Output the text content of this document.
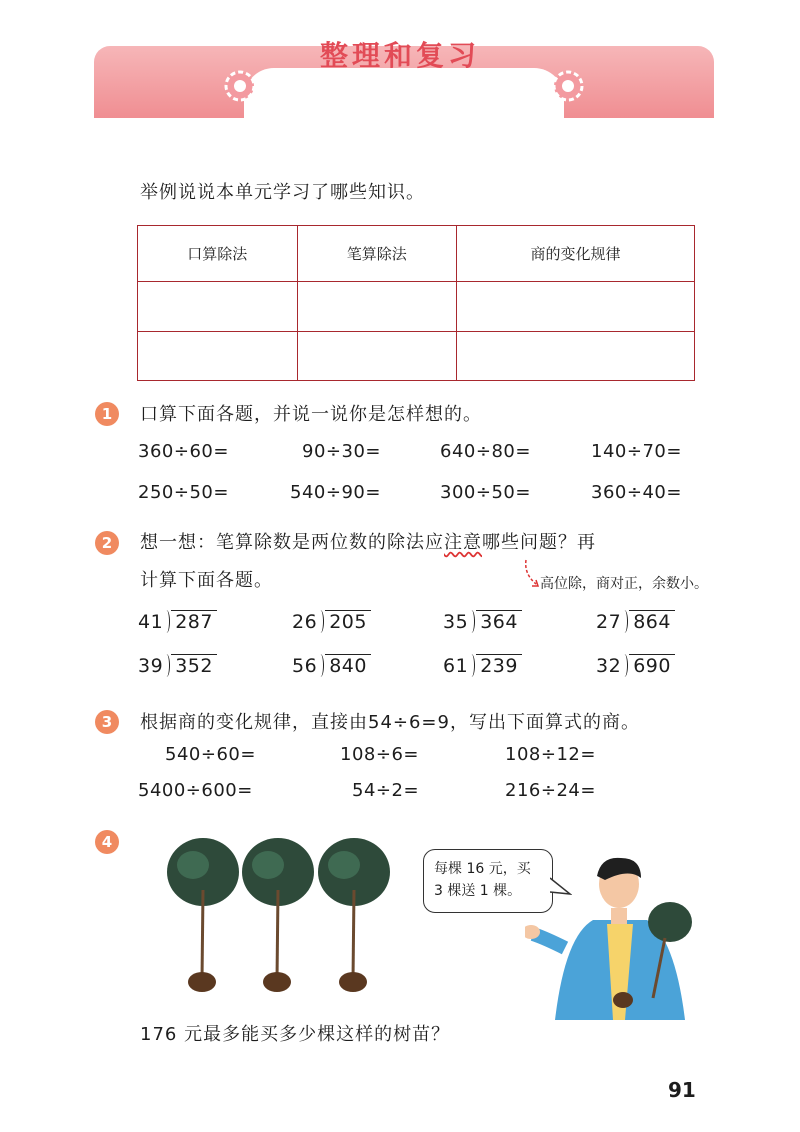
整理和复习
举例说说本单元学习了哪些知识。
口算除法	笔算除法	商的变化规律

1	口算下面各题，并说一说你是怎样想的。
360÷60=	90÷30=	640÷80=	140÷70=
250÷50=	540÷90=	300÷50=	360÷40=
2	想一想：笔算除数是两位数的除法应注意哪些问题？再
计算下面各题。	高位除，商对正，余数小。
41 287	26 205	35 364	27 864
39 352	56 840	61 239	32 690
3	根据商的变化规律，直接由54÷6=9，写出下面算式的商。
540÷60=	108÷6=	108÷12=
5400÷600=	54÷2=	216÷24=
4
每棵 16 元，买
3 棵送 1 棵。
176 元最多能买多少棵这样的树苗？
91
